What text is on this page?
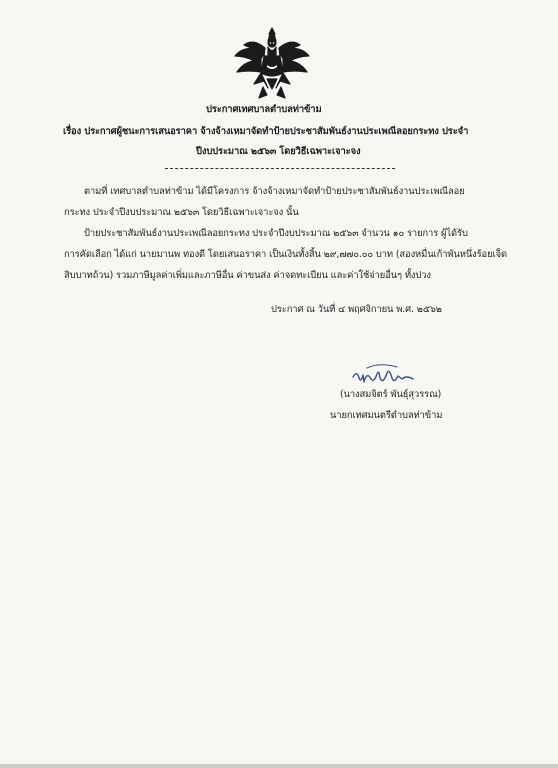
ประกาศเทศบาลตำบลท่าข้าม
เรื่อง ประกาศผู้ชนะการเสนอราคา จ้างจ้างเหมาจัดทำป้ายประชาสัมพันธ์งานประเพณีลอยกระทง ประจำ
ปีงบประมาณ ๒๕๖๓ โดยวิธีเฉพาะเจาะจง
ตามที่ เทศบาลตำบลท่าข้าม ได้มีโครงการ จ้างจ้างเหมาจัดทำป้ายประชาสัมพันธ์งานประเพณีลอย
กระทง ประจำปีงบประมาณ ๒๕๖๓ โดยวิธีเฉพาะเจาะจง นั้น
ป้ายประชาสัมพันธ์งานประเพณีลอยกระทง ประจำปีงบประมาณ ๒๕๖๓ จำนวน ๑๐ รายการ ผู้ได้รับ
การคัดเลือก ได้แก่ นายมานพ ทองดี โดยเสนอราคา เป็นเงินทั้งสิ้น ๒๙,๗๗๐.๐๐ บาท (สองหมื่นเก้าพันหนึ่งร้อยเจ็ด
สิบบาทถ้วน) รวมภาษีมูลค่าเพิ่มและภาษีอื่น ค่าขนส่ง ค่าจดทะเบียน และค่าใช้จ่ายอื่นๆ ทั้งปวง
ประกาศ ณ วันที่ ๔ พฤศจิกายน พ.ศ. ๒๕๖๒
(นางสมจิตร์ พันธุ์สุวรรณ)
นายกเทศมนตรีตำบลท่าข้าม
